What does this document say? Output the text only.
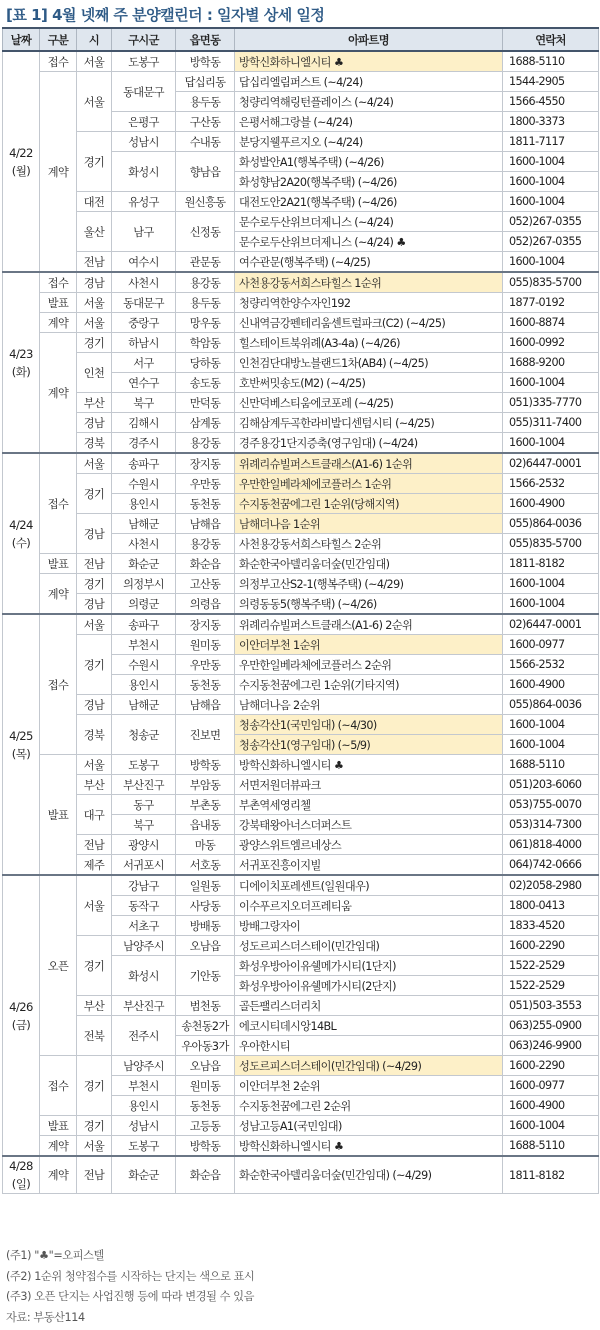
[표 1] 4월 넷째 주 분양캘린더 : 일자별 상세 일정
날짜	구분	시	구시군	읍면동	아파트명	연락처
4/22
(월)	접수	서울	도봉구	방학동	방학신화하니엘시티 ♣	1688-5110
	계약	서울	동대문구	답십리동	답십리엘림퍼스트 (~4/24)	1544-2905
				용두동	청량리역해링턴플레이스 (~4/24)	1566-4550
			은평구	구산동	은평서해그랑블 (~4/24)	1800-3373
		경기	성남시	수내동	분당지웰푸르지오 (~4/24)	1811-7117
			화성시	향남읍	화성발안A1(행복주택) (~4/26)	1600-1004
					화성향남2A20(행복주택) (~4/26)	1600-1004
		대전	유성구	원신흥동	대전도안2A21(행복주택) (~4/26)	1600-1004
		울산	남구	신정동	문수로두산위브더제니스 (~4/24)	052)267-0355
					문수로두산위브더제니스 (~4/24) ♣	052)267-0355
		전남	여수시	관문동	여수관문(행복주택) (~4/25)	1600-1004
4/23
(화)	접수	경남	사천시	용강동	사천용강동서희스타힐스 1순위	055)835-5700
	발표	서울	동대문구	용두동	청량리역한양수자인192	1877-0192
	계약	서울	중랑구	망우동	신내역금강펜테리움센트럴파크(C2) (~4/25)	1600-8874
	계약	경기	하남시	학암동	힐스테이트북위례(A3-4a) (~4/26)	1600-0992
		인천	서구	당하동	인천검단대방노블랜드1차(AB4) (~4/25)	1688-9200
			연수구	송도동	호반써밋송도(M2) (~4/25)	1600-1004
		부산	북구	만덕동	신만덕베스티움에코포레 (~4/25)	051)335-7770
		경남	김해시	삼계동	김해삼계두곡한라비발디센텀시티 (~4/25)	055)311-7400
		경북	경주시	용강동	경주용강1단지증축(영구임대) (~4/24)	1600-1004
4/24
(수)	접수	서울	송파구	장지동	위례리슈빌퍼스트클래스(A1-6) 1순위	02)6447-0001
		경기	수원시	우만동	우만한일베라체에코플러스 1순위	1566-2532
			용인시	동천동	수지동천꿈에그린 1순위(당해지역)	1600-4900
		경남	남해군	남해읍	남해더나음 1순위	055)864-0036
			사천시	용강동	사천용강동서희스타힐스 2순위	055)835-5700
	발표	전남	화순군	화순읍	화순한국아델리움더숲(민간임대)	1811-8182
	계약	경기	의정부시	고산동	의정부고산S2-1(행복주택) (~4/29)	1600-1004
		경남	의령군	의령읍	의령동동5(행복주택) (~4/26)	1600-1004
4/25
(목)	접수	서울	송파구	장지동	위례리슈빌퍼스트클래스(A1-6) 2순위	02)6447-0001
		경기	부천시	원미동	이안더부천 1순위	1600-0977
			수원시	우만동	우만한일베라체에코플러스 2순위	1566-2532
			용인시	동천동	수지동천꿈에그린 1순위(기타지역)	1600-4900
		경남	남해군	남해읍	남해더나음 2순위	055)864-0036
		경북	청송군	진보면	청송각산1(국민임대) (~4/30)	1600-1004
					청송각산1(영구임대) (~5/9)	1600-1004
	발표	서울	도봉구	방학동	방학신화하니엘시티 ♣	1688-5110
		부산	부산진구	부암동	서면저원더뷰파크	051)203-6060
		대구	동구	부촌동	부촌역세영리첼	053)755-0070
			북구	읍내동	강북태왕아너스더퍼스트	053)314-7300
		전남	광양시	마동	광양스위트엠르네상스	061)818-4000
		제주	서귀포시	서호동	서귀포진흥이지빌	064)742-0666
4/26
(금)	오픈	서울	강남구	일원동	디에이치포레센트(일원대우)	02)2058-2980
			동작구	사당동	이수푸르지오더프레티움	1800-0413
			서초구	방배동	방배그랑자이	1833-4520
		경기	남양주시	오남읍	성도르피스더스테이(민간임대)	1600-2290
			화성시	기안동	화성우방아이유쉘메가시티(1단지)	1522-2529
					화성우방아이유쉘메가시티(2단지)	1522-2529
		부산	부산진구	범천동	골든팰리스더리치	051)503-3553
		전북	전주시	송천동2가	에코시티데시앙14BL	063)255-0900
				우아동3가	우아한시티	063)246-9900
	접수	경기	남양주시	오남읍	성도르피스더스테이(민간임대) (~4/29)	1600-2290
			부천시	원미동	이안더부천 2순위	1600-0977
			용인시	동천동	수지동천꿈에그린 2순위	1600-4900
	발표	경기	성남시	고등동	성남고등A1(국민임대)	1600-1004
	계약	서울	도봉구	방학동	방학신화하니엘시티 ♣	1688-5110
4/28
(일)	계약	전남	화순군	화순읍	화순한국아델리움더숲(민간임대) (~4/29)	1811-8182
(주1) "♣"=오피스텔
(주2) 1순위 청약접수를 시작하는 단지는 색으로 표시
(주3) 오픈 단지는 사업진행 등에 따라 변경될 수 있음
자료: 부동산114
